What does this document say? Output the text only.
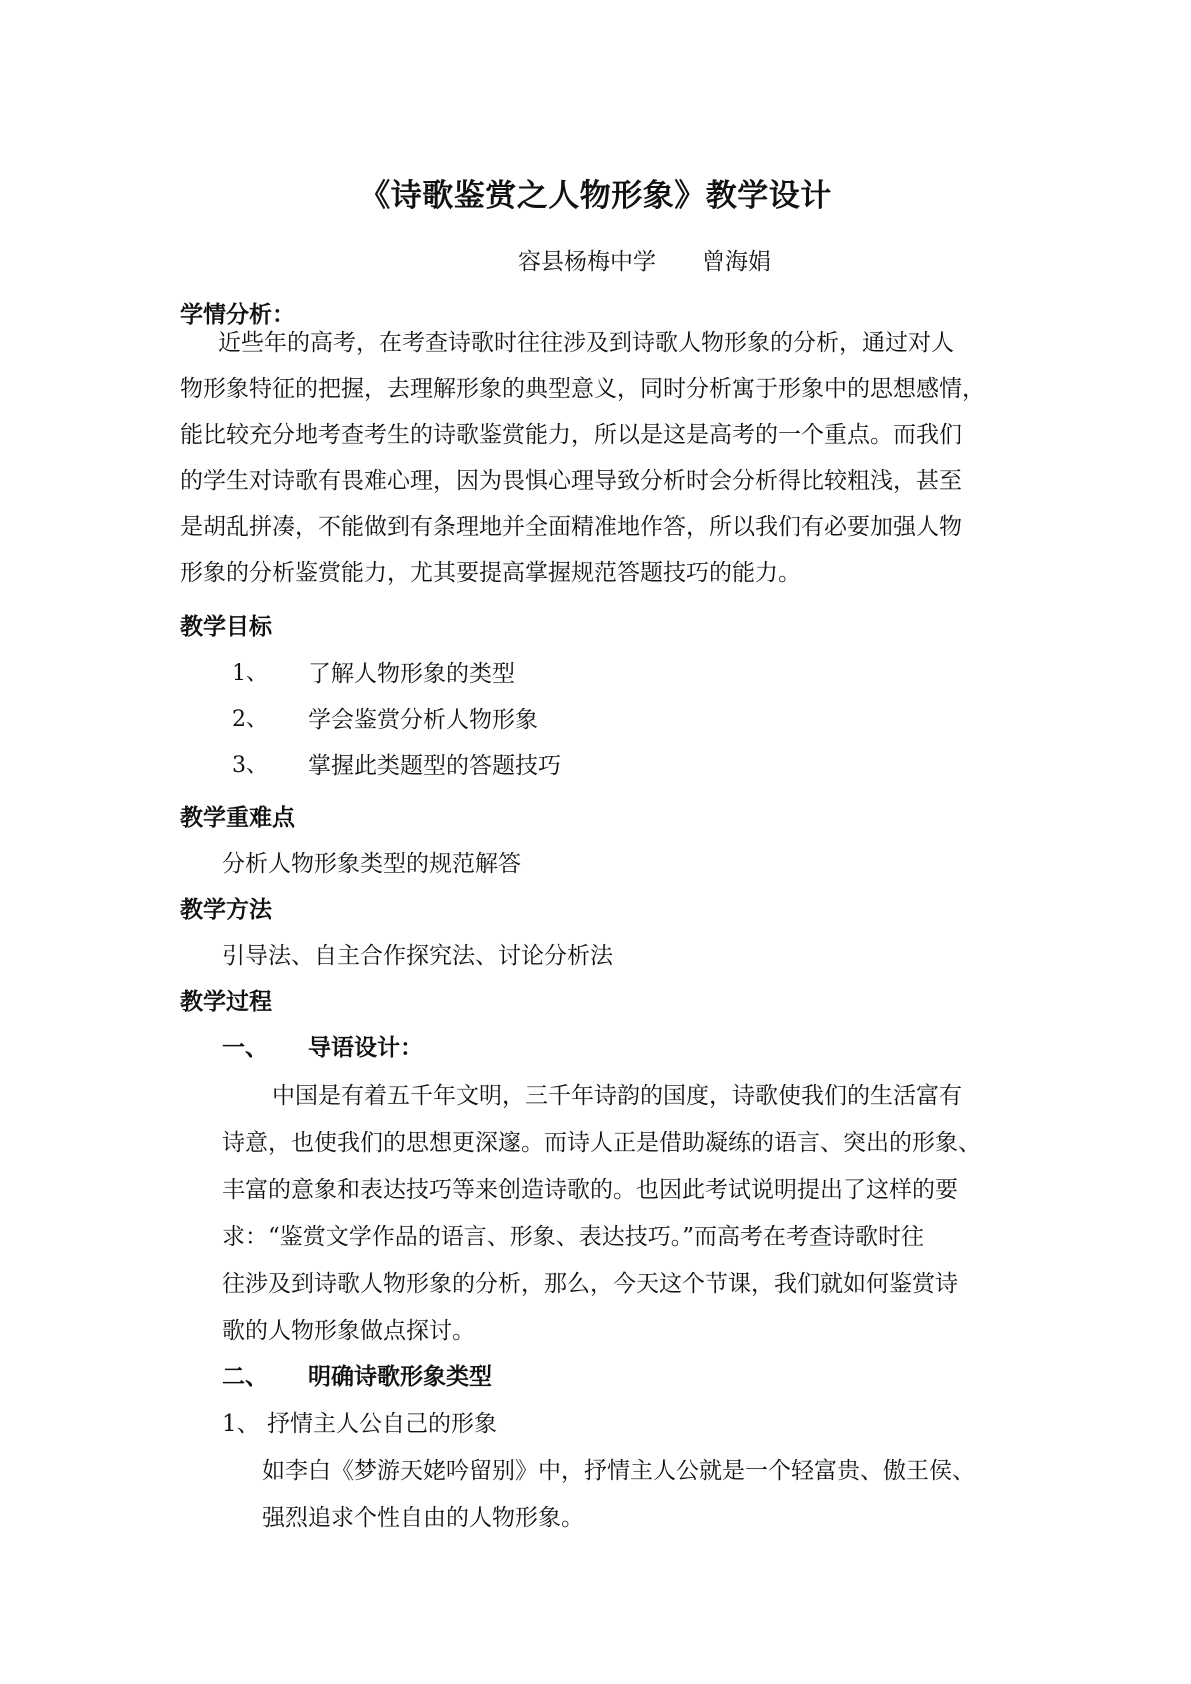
《诗歌鉴赏之人物形象》教学设计
容县杨梅中学　　曾海娟
学情分析：
近些年的高考，在考查诗歌时往往涉及到诗歌人物形象的分析，通过对人
物形象特征的把握，去理解形象的典型意义，同时分析寓于形象中的思想感情，
能比较充分地考查考生的诗歌鉴赏能力，所以是这是高考的一个重点。而我们
的学生对诗歌有畏难心理，因为畏惧心理导致分析时会分析得比较粗浅，甚至
是胡乱拼凑，不能做到有条理地并全面精准地作答，所以我们有必要加强人物
形象的分析鉴赏能力，尤其要提高掌握规范答题技巧的能力。
教学目标
1、 了解人物形象的类型
2、 学会鉴赏分析人物形象
3、 掌握此类题型的答题技巧
教学重难点
分析人物形象类型的规范解答
教学方法
引导法、自主合作探究法、讨论分析法
教学过程
一、 导语设计：
中国是有着五千年文明，三千年诗韵的国度，诗歌使我们的生活富有
诗意，也使我们的思想更深邃。而诗人正是借助凝练的语言、突出的形象、
丰富的意象和表达技巧等来创造诗歌的。也因此考试说明提出了这样的要
求：“鉴赏文学作品的语言、形象、表达技巧。”而高考在考查诗歌时往
往涉及到诗歌人物形象的分析，那么，今天这个节课，我们就如何鉴赏诗
歌的人物形象做点探讨。
二、 明确诗歌形象类型
1、 抒情主人公自己的形象
如李白《梦游天姥吟留别》中，抒情主人公就是一个轻富贵、傲王侯、
强烈追求个性自由的人物形象。
